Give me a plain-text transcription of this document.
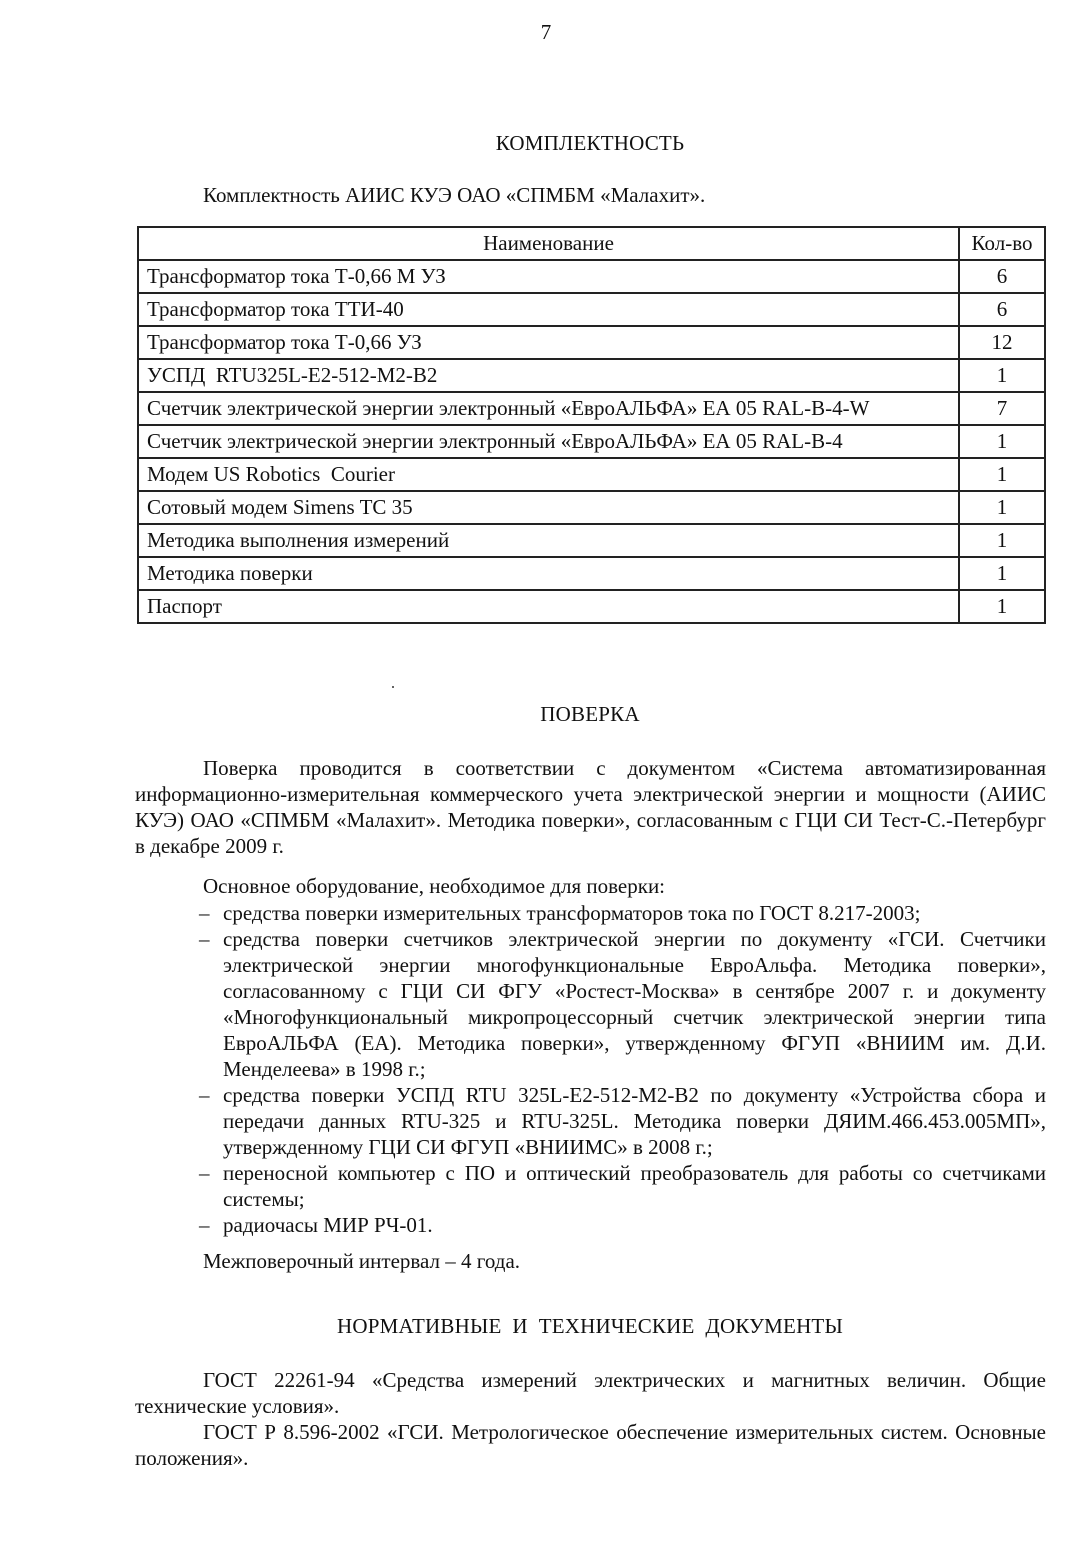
7
КОМПЛЕКТНОСТЬ
Комплектность АИИС КУЭ ОАО «СПМБМ «Малахит».
Наименование	Кол-во
Трансформатор тока Т-0,66 М УЗ	6
Трансформатор тока ТТИ-40	6
Трансформатор тока Т-0,66 УЗ	12
УСПД  RTU325L-E2-512-M2-B2	1
Счетчик электрической энергии электронный «ЕвроАЛЬФА» ЕА 05 RAL-B-4-W	7
Счетчик электрической энергии электронный «ЕвроАЛЬФА» ЕА 05 RAL-B-4	1
Модем US Robotics  Courier	1
Сотовый модем Simens TC 35	1
Методика выполнения измерений	1
Методика поверки	1
Паспорт	1
ПОВЕРКА
Поверка проводится в соответствии с документом «Система автоматизированная информационно-измерительная коммерческого учета электрической энергии и мощности (АИИС КУЭ) ОАО «СПМБМ «Малахит». Методика поверки», согласованным с ГЦИ СИ Тест-С.-Петербург в декабре 2009 г.
Основное оборудование, необходимое для поверки:
– средства поверки измерительных трансформаторов тока по ГОСТ 8.217-2003;
– средства поверки счетчиков электрической энергии по документу «ГСИ. Счетчики электрической энергии многофункциональные ЕвроАльфа. Методика поверки», согласованному с ГЦИ СИ ФГУ «Ростест-Москва» в сентябре 2007 г. и документу «Многофункциональный микропроцессорный счетчик электрической энергии типа ЕвроАЛЬФА (ЕА). Методика поверки», утвержденному ФГУП «ВНИИМ им. Д.И. Менделеева» в 1998 г.;
– средства поверки УСПД RTU 325L-E2-512-M2-B2 по документу «Устройства сбора и передачи данных RTU-325 и RTU-325L. Методика поверки ДЯИМ.466.453.005МП», утвержденному ГЦИ СИ ФГУП «ВНИИМС» в 2008 г.;
– переносной компьютер с ПО и оптический преобразователь для работы со счетчиками системы;
– радиочасы МИР РЧ-01.
Межповерочный интервал – 4 года.
НОРМАТИВНЫЕ  И  ТЕХНИЧЕСКИЕ  ДОКУМЕНТЫ
ГОСТ 22261-94 «Средства измерений электрических и магнитных величин. Общие технические условия».
ГОСТ Р 8.596-2002 «ГСИ. Метрологическое обеспечение измерительных систем. Основные положения».
